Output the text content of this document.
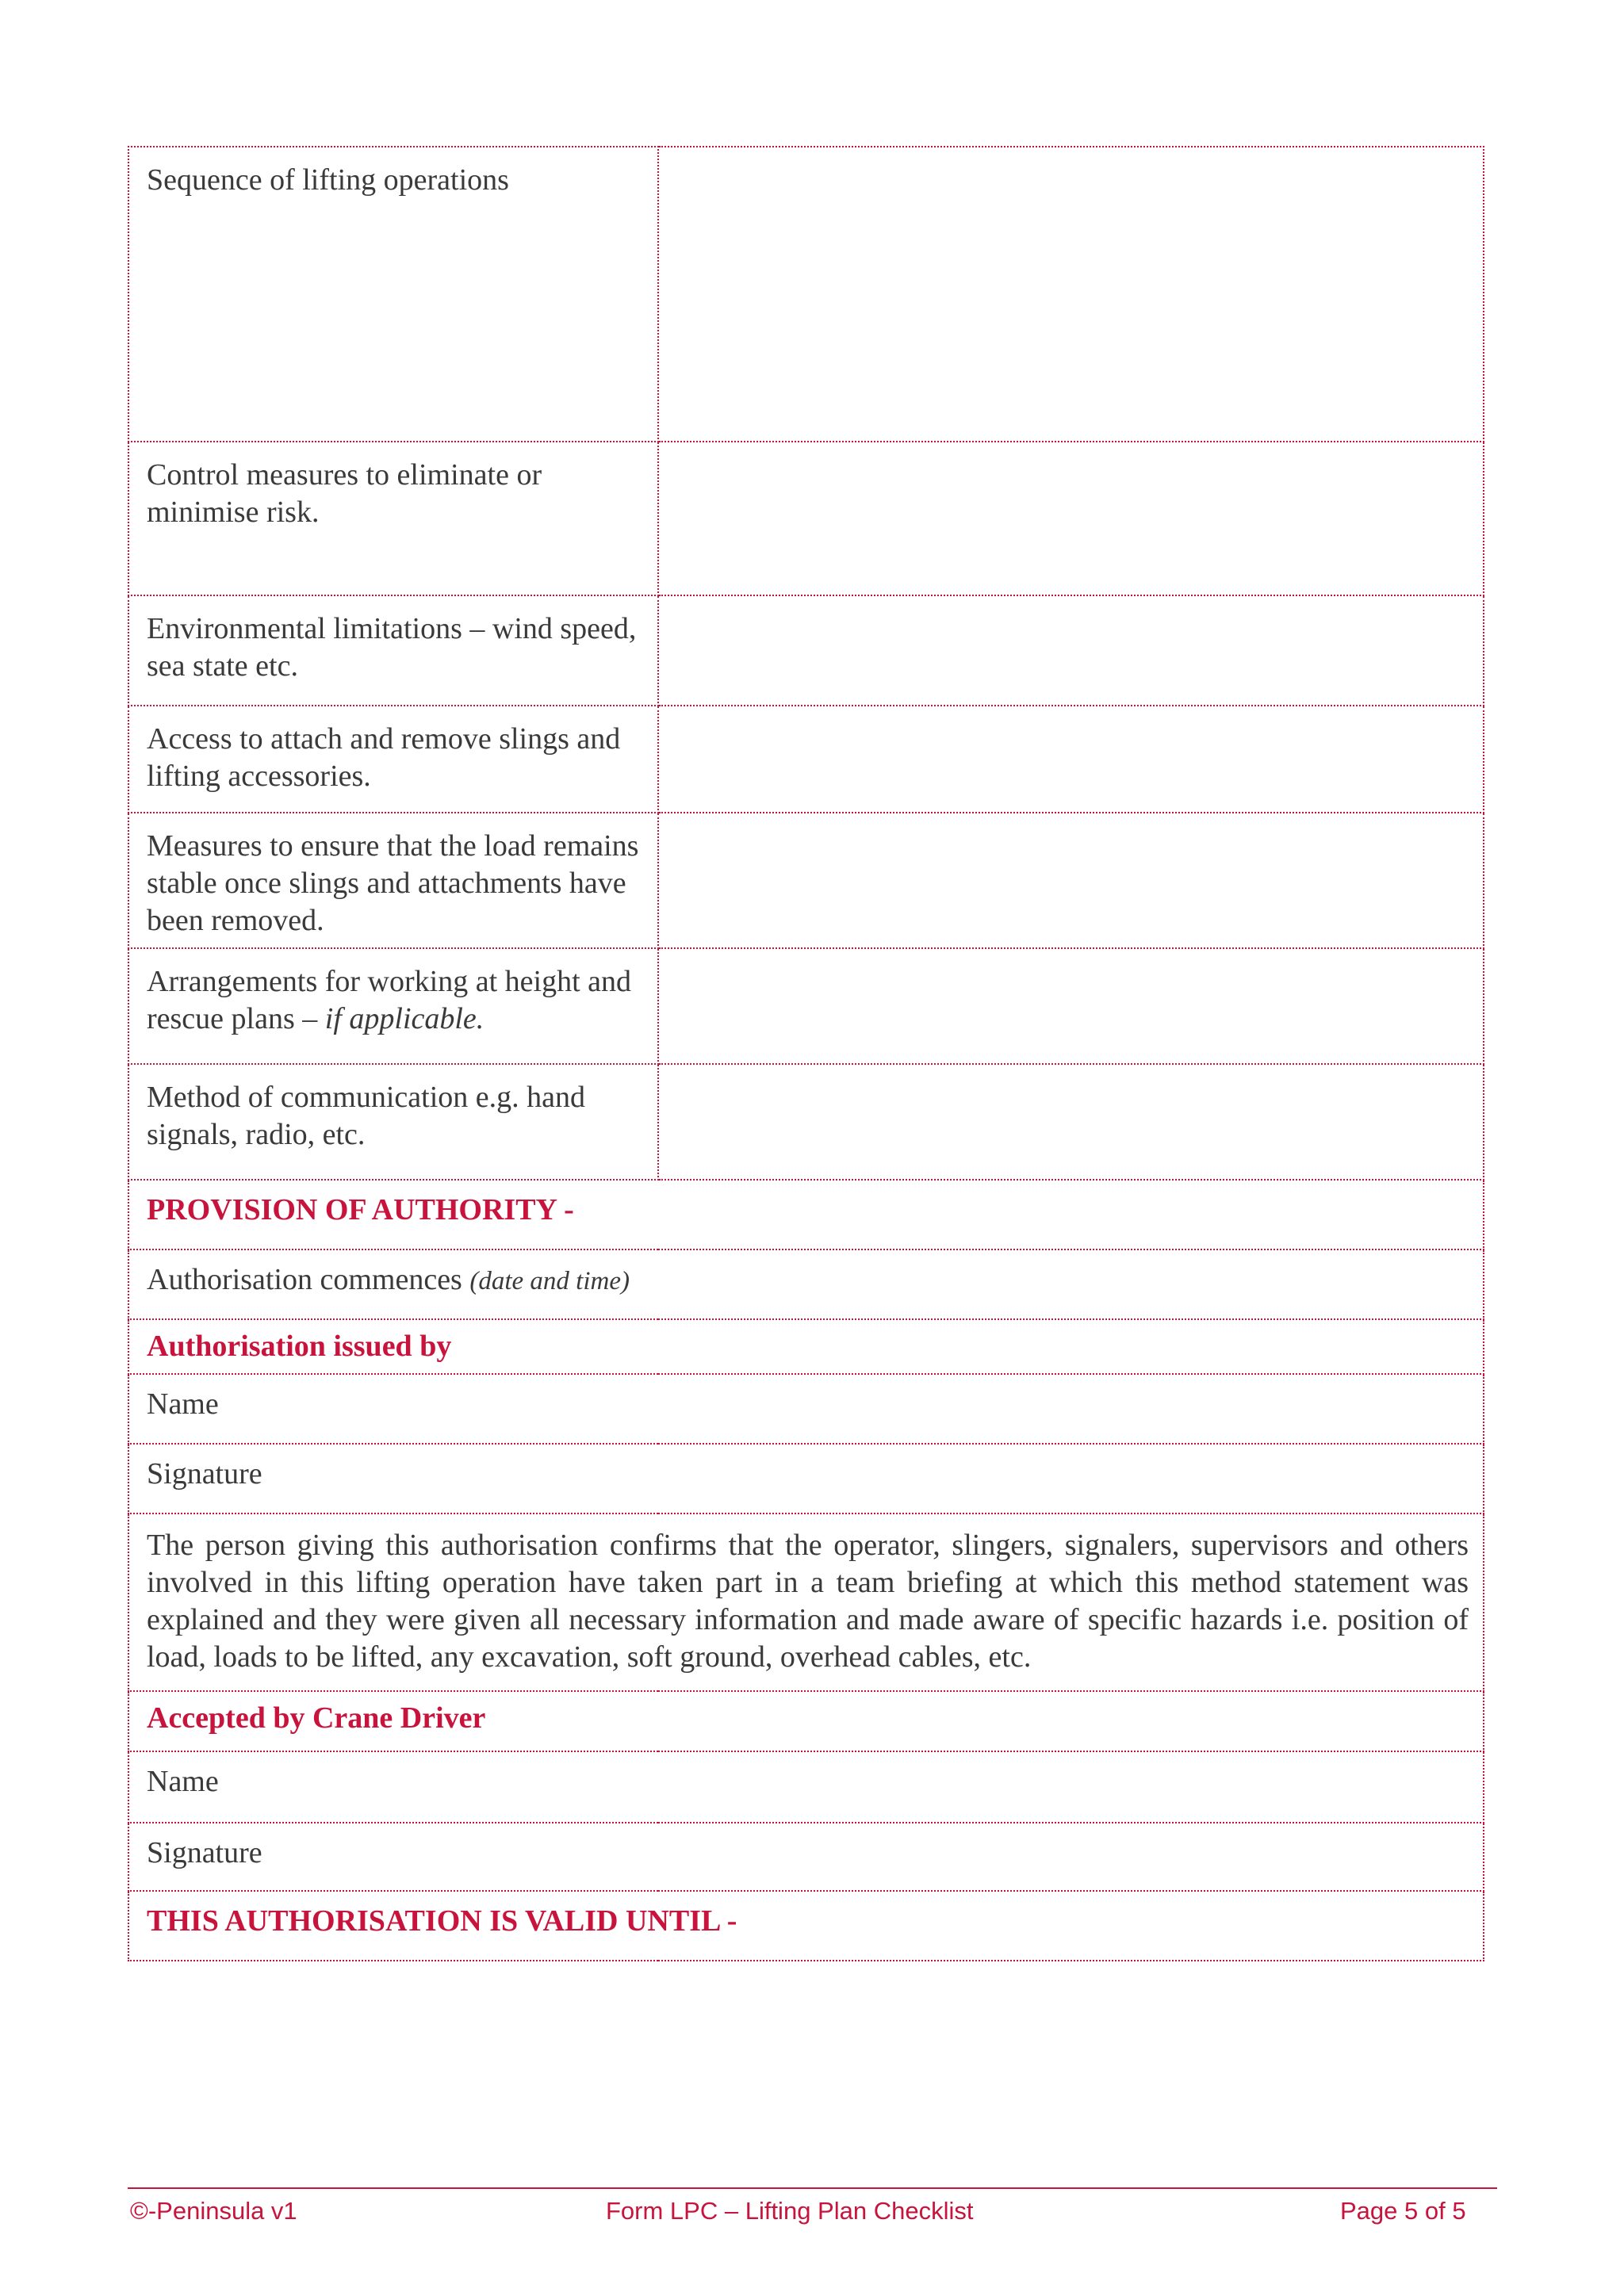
Sequence of lifting operations	
Control measures to eliminate or minimise risk.	
Environmental limitations – wind speed, sea state etc.	
Access to attach and remove slings and lifting accessories.	
Measures to ensure that the load remains stable once slings and attachments have been removed.	
Arrangements for working at height and rescue plans – if applicable.	
Method of communication e.g. hand signals, radio, etc.	
PROVISION OF AUTHORITY -	
Authorisation commences (date and time)	
Authorisation issued by	
Name	
Signature	
The person giving this authorisation confirms that the operator, slingers, signalers, supervisors and others involved in this lifting operation have taken part in a team briefing at which this method statement was explained and they were given all necessary information and made aware of specific hazards i.e. position of load, loads to be lifted, any excavation, soft ground, overhead cables, etc.	
Accepted by Crane Driver	
Name	
Signature	
THIS AUTHORISATION IS VALID UNTIL -	
©-Peninsula v1	Form LPC – Lifting Plan Checklist	Page 5 of 5
